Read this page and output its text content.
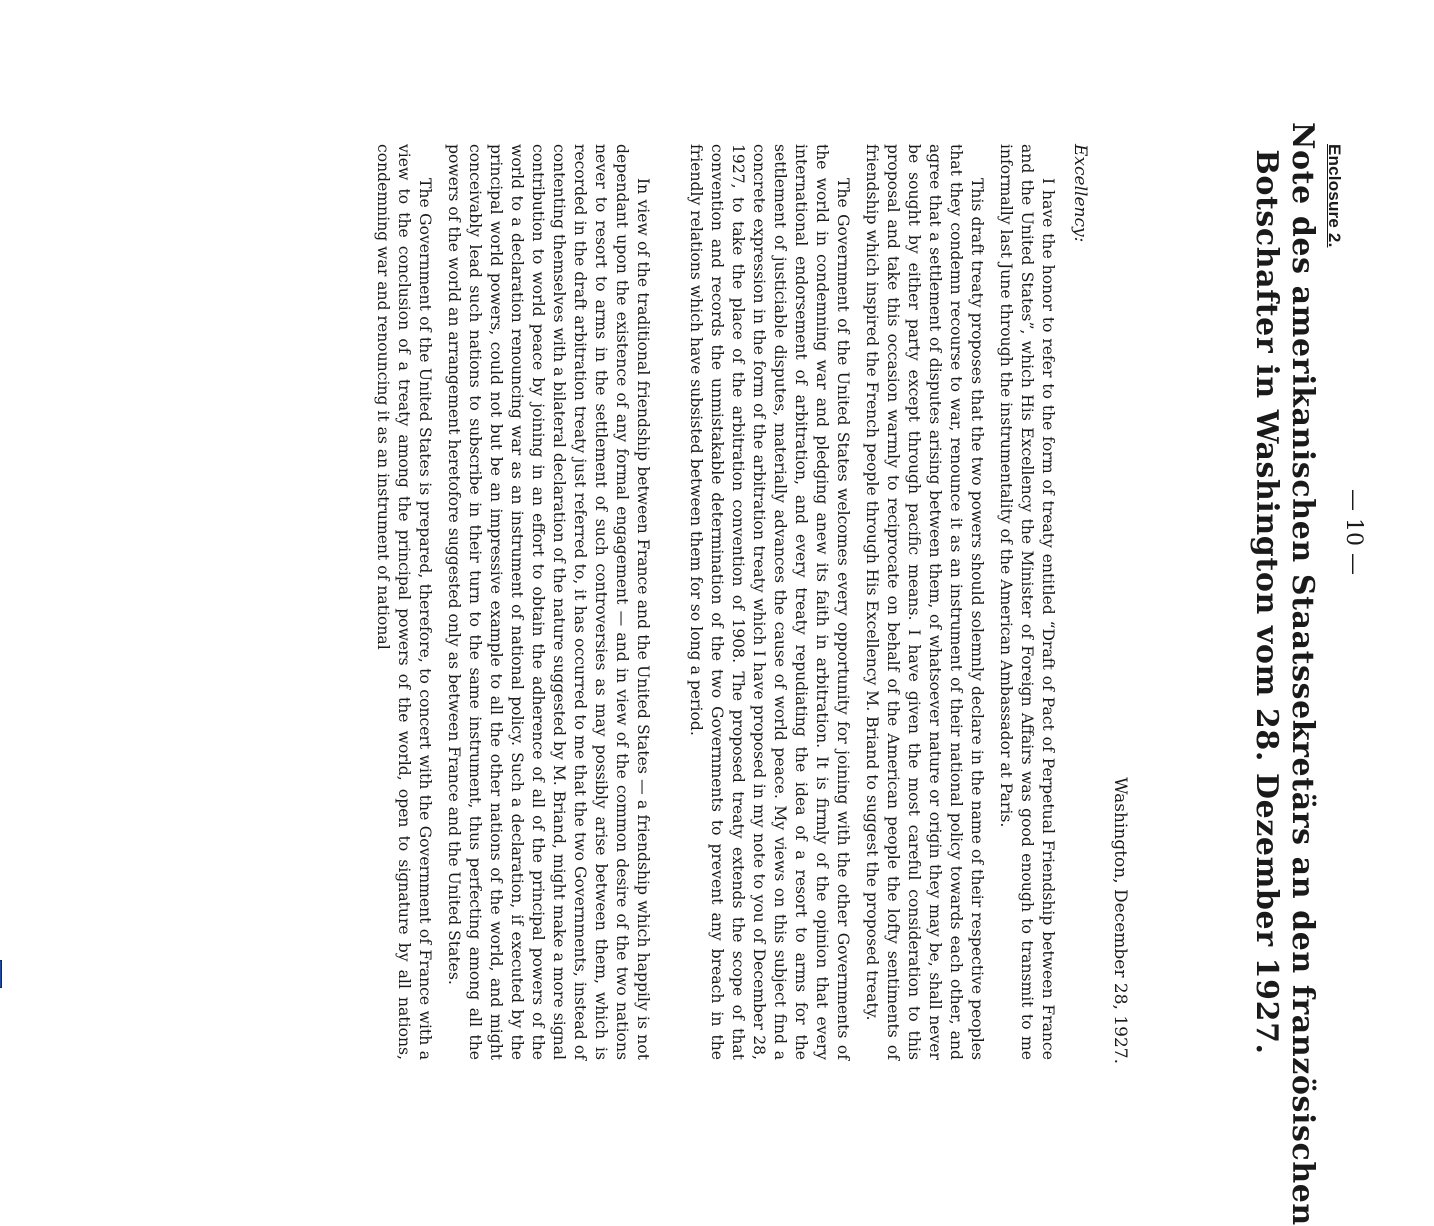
— 10 —
Enclosure 2.
Note des amerikanischen Staatssekretärs an den französischen
Botschafter in Washington vom 28. Dezember 1927.
Washington, December 28, 1927.
Excellency:

I have the honor to refer to the form of treaty entitled “Draft of Pact of Perpetual Friendship between France and the United States”, which His Excellency the Minister of Foreign Affairs was good enough to transmit to me informally last June through the instrumentality of the American Ambassador at Paris.

This draft treaty proposes that the two powers should solemnly declare in the name of their respective peoples that they condemn recourse to war, renounce it as an instrument of their national policy towards each other, and agree that a settlement of disputes arising between them, of whatsoever nature or origin they may be, shall never be sought by either party except through pacific means. I have given the most careful consideration to this proposal and take this occasion warmly to reciprocate on behalf of the American people the lofty sentiments of friendship which inspired the French people through His Excellency M. Briand to suggest the proposed treaty.

The Government of the United States welcomes every opportunity for joining with the other Governments of the world in condemning war and pledging anew its faith in arbitration. It is firmly of the opinion that every international endorsement of arbitration, and every treaty repudiating the idea of a resort to arms for the settlement of justiciable disputes, materially advances the cause of world peace. My views on this subject find a concrete expression in the form of the arbitration treaty which I have proposed in my note to you of December 28, 1927, to take the place of the arbitration convention of 1908. The proposed treaty extends the scope of that convention and records the unmistakable determination of the two Governments to prevent any breach in the friendly relations which have subsisted between them for so long a period.

In view of the traditional friendship between France and the United States — a friendship which happily is not dependant upon the existence of any formal engagement — and in view of the common desire of the two nations never to resort to arms in the settlement of such controversies as may possibly arise between them, which is recorded in the draft arbitration treaty just referred to, it has occurred to me that the two Governments, instead of contenting themselves with a bilateral declaration of the nature suggested by M. Briand, might make a more signal contribution to world peace by joining in an effort to obtain the adherence of all of the principal powers of the world to a declaration renouncing war as an instrument of national policy. Such a declaration, if executed by the principal world powers, could not but be an impressive example to all the other nations of the world, and might conceivably lead such nations to subscribe in their turn to the same instrument, thus perfecting among all the powers of the world an arrangement heretofore suggested only as between France and the United States.

The Government of the United States is prepared, therefore, to concert with the Government of France with a view to the conclusion of a treaty among the principal powers of the world, open to signature by all nations, condemning war and renouncing it as an instrument of national
